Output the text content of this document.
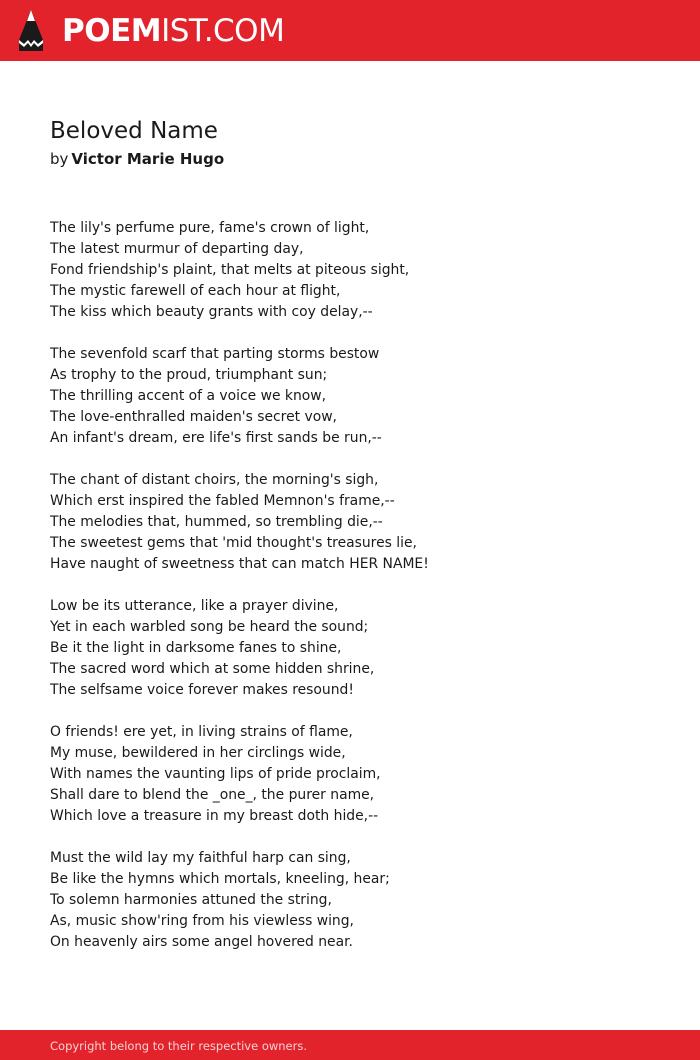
POEMIST.COM
Beloved Name
by Victor Marie Hugo
The lily's perfume pure, fame's crown of light,
The latest murmur of departing day,
Fond friendship's plaint, that melts at piteous sight,
The mystic farewell of each hour at flight,
The kiss which beauty grants with coy delay,--
The sevenfold scarf that parting storms bestow
As trophy to the proud, triumphant sun;
The thrilling accent of a voice we know,
The love-enthralled maiden's secret vow,
An infant's dream, ere life's first sands be run,--
The chant of distant choirs, the morning's sigh,
Which erst inspired the fabled Memnon's frame,--
The melodies that, hummed, so trembling die,--
The sweetest gems that 'mid thought's treasures lie,
Have naught of sweetness that can match HER NAME!
Low be its utterance, like a prayer divine,
Yet in each warbled song be heard the sound;
Be it the light in darksome fanes to shine,
The sacred word which at some hidden shrine,
The selfsame voice forever makes resound!
O friends! ere yet, in living strains of flame,
My muse, bewildered in her circlings wide,
With names the vaunting lips of pride proclaim,
Shall dare to blend the _one_, the purer name,
Which love a treasure in my breast doth hide,--
Must the wild lay my faithful harp can sing,
Be like the hymns which mortals, kneeling, hear;
To solemn harmonies attuned the string,
As, music show'ring from his viewless wing,
On heavenly airs some angel hovered near.
Copyright belong to their respective owners.
